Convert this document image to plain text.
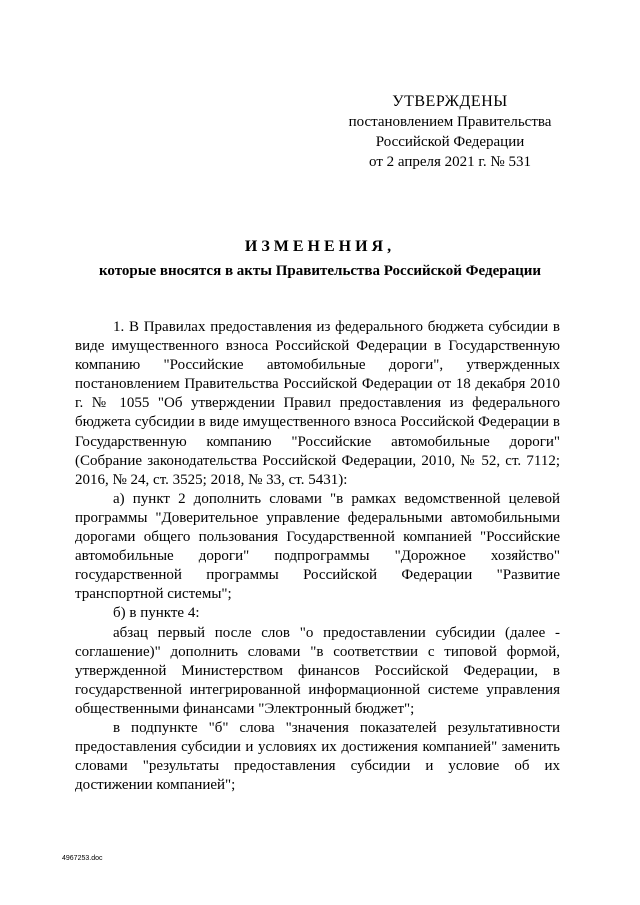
УТВЕРЖДЕНЫ
постановлением Правительства
Российской Федерации
от 2 апреля 2021 г. № 531
ИЗМЕНЕНИЯ,
которые вносятся в акты Правительства Российской Федерации

1. В Правилах предоставления из федерального бюджета субсидии в виде имущественного взноса Российской Федерации в Государственную компанию "Российские автомобильные дороги", утвержденных постановлением Правительства Российской Федерации от 18 декабря 2010 г. № 1055 "Об утверждении Правил предоставления из федерального бюджета субсидии в виде имущественного взноса Российской Федерации в Государственную компанию "Российские автомобильные дороги" (Собрание законодательства Российской Федерации, 2010, № 52, ст. 7112; 2016, № 24, ст. 3525; 2018, № 33, ст. 5431):

а) пункт 2 дополнить словами "в рамках ведомственной целевой программы "Доверительное управление федеральными автомобильными дорогами общего пользования Государственной компанией "Российские автомобильные дороги" подпрограммы "Дорожное хозяйство" государственной программы Российской Федерации "Развитие транспортной системы";

б) в пункте 4:

абзац первый после слов "о предоставлении субсидии (далее - соглашение)" дополнить словами "в соответствии с типовой формой, утвержденной Министерством финансов Российской Федерации, в государственной интегрированной информационной системе управления общественными финансами "Электронный бюджет";

в подпункте "б" слова "значения показателей результативности предоставления субсидии и условиях их достижения компанией" заменить словами "результаты предоставления субсидии и условие об их достижении компанией";

4967253.doc
